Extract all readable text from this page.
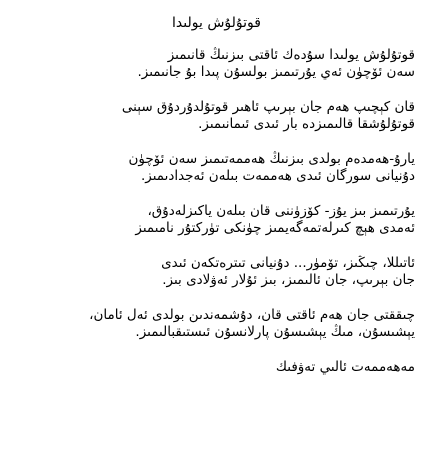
قوتۇلۇش يولىدا
قوتۇلۇش يولىدا سۇدەك ئاقتى بىزنىڭ قانىمىز
سەن ئۆچۈن ئەي يۇرتىمىز بولسۇن پىدا بۇ جانىمىز.
قان كېچىپ ھەم جان بېرىپ ئاھىر قوتۇلدۇردۇق سېنى
قوتۇلۇشقا قالىمىزدە بار ئىدى ئىمانىمىز.
يارۇ-ھەمدەم بولدى بىزنىڭ ھەممەتىمىز سەن ئۆچۈن
دۇنيانى سورگان ئىدى ھەممەت بىلەن ئەجدادىمىز.
يۇرتىمىز بىز يۇز- كۆزۈننى قان بىلەن ياكىزلەدۇق،
ئەمدى ھېچ كىرلەتمەگەيمىز چۈنكى تۈركتۇر نامىمىز
ئاتىللا، چىڭىز، تۆمۈر... دۇنيانى تىترەتكەن ئىدى
جان بېرىپ، جان ئالىمىز، بىز ئۇلار ئەۋلادى بىز.
چىققتى جان ھەم ئاقتى قان، دۇشمەندىن بولدى ئەل ئامان،
يېشىسۇن، مىڭ يېشىسۇن پارلانسۇن ئىستىقبالىمىز.
مەھەممەت ئالىي تەۋفىك
